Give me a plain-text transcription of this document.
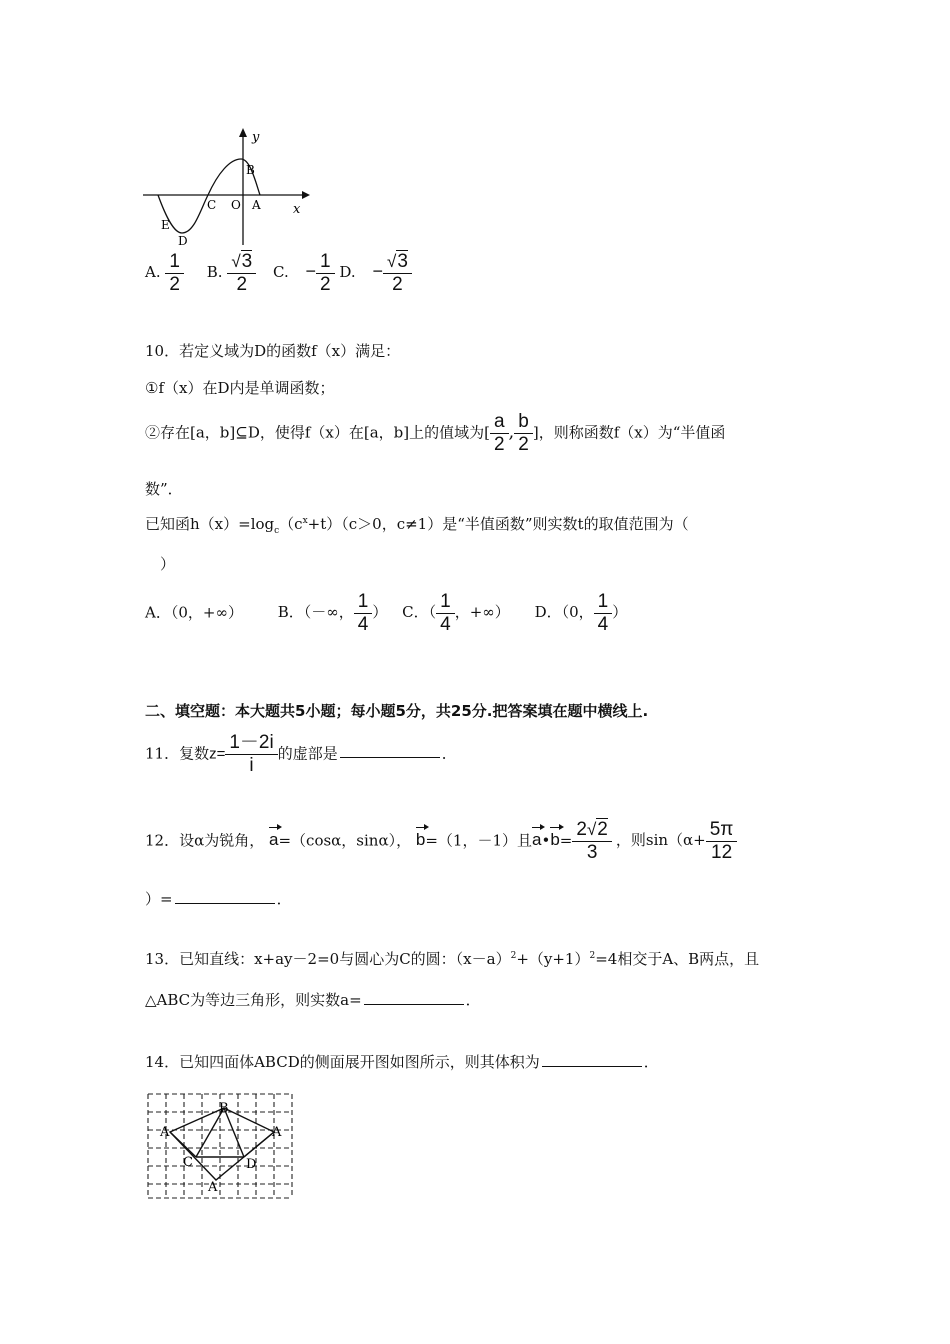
y
x
B
C O A
E
D
A. $\frac{1}{2} B$. $\frac{√3}{2} C$. − $\frac{1}{2} D$. − $\frac{√3}{2}$
10．若定义域为D的函数f（x）满足：
①f（x）在D内是单调函数；
②存在[a，b]⊆D，使得f（x）在[a，b]上的值域为[ $\frac{a}{2}$ , $\frac{b}{2}$ ]，则称函数f（x）为“半值函
数”．
已知函$h(x)=\log_c(c^x+t)(c>0$，c≠1）是“半值函数”则实数t的取值范围为（
）
A．（0，+∞） B．（－∞， $\frac{1}{4}$ ） C．（ $\frac{1}{4}$ ，+∞） D．（0， $\frac{1}{4}$ ）
二、填空题：本大题共5小题；每小题5分，共25分.把答案填在题中横线上.
11．复数$z= \frac{1-2i}{i}$ 的虚部是	．
12．设α为锐角， a=（cosα，sinα）， b=（1，－1）且a•b= $\frac{2√2}{3}$ ，则$\sin(\alpha+ \frac{5\pi}{12}$
）=	．
13．已知直线：x+ay－2=0与圆心为C的圆：$(x-a)^2+(y+1)^2=4$相交于A、B两点，且
△ABC为等边三角形，则实数a=	．
14．已知四面体ABCD的侧面展开图如图所示，则其体积为	．
B
A	A
C	D
A
